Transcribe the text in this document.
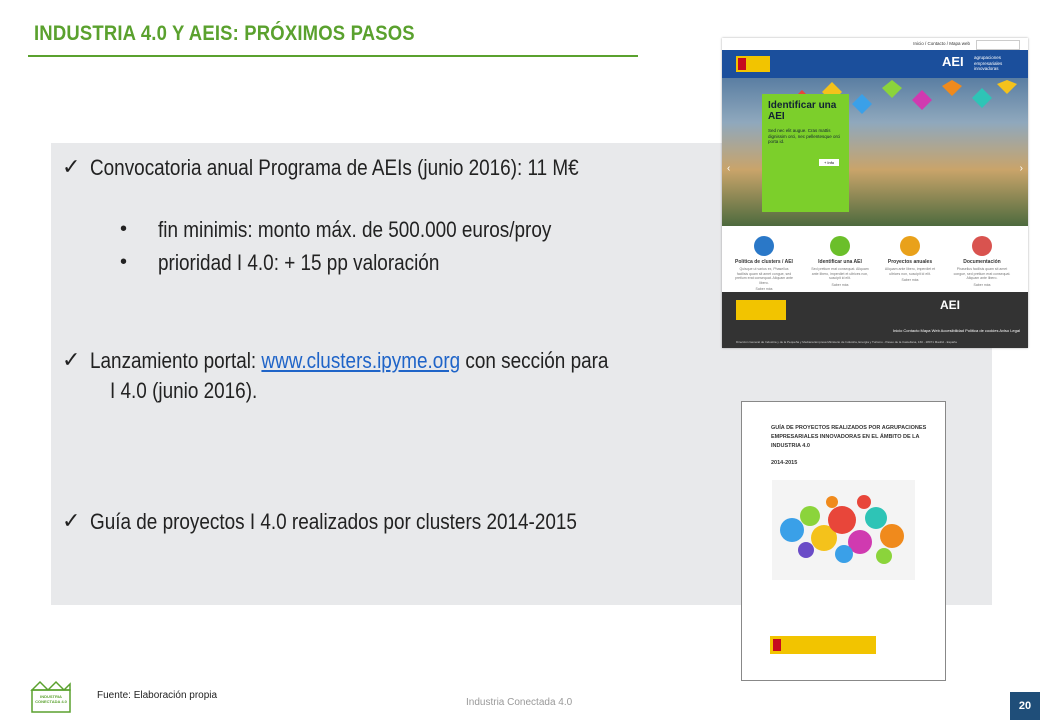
INDUSTRIA 4.0 Y AEIS: PRÓXIMOS PASOS
✓ Convocatoria anual Programa de AEIs (junio 2016): 11 M€
• fin minimis: monto máx. de 500.000 euros/proy
• prioridad I 4.0: + 15 pp valoración
✓ Lanzamiento portal: www.clusters.ipyme.org con sección para
I 4.0 (junio 2016).
✓ Guía de proyectos I 4.0 realizados por clusters 2014-2015
Inicio / Contacto / Mapa web
AEI agrupaciones empresariales innovadoras
Identificar una AEI
Sed nec elit augue. Cras mattis dignissim orci, nec pellentesque orci porta id.
+ Info
‹	›
Política de clusters / AEI
Quisque ut varius ex, Phasellus facilisis quam sit amet congue, sed pretium erat consequat. Aliquam ante libero.
Saber más
Identificar una AEI
Sed pretium erat consequat. Aliquam ante libero, imperdiet et ultrices non, suscipit id elit.
Saber más
Proyectos anuales
Aliquam ante libero, imperdiet et ultrices non, suscipit id elit.
Saber más
Documentación
Phasellus facilisis quam sit amet congue, sed pretium erat consequat. Aliquam ante libero.
Saber más
AEI
Inicio Contacto Mapa Web Accesibilidad Política de cookies Aviso Legal
Dirección General de Industria y de la Pequeña y Mediana Empresa Ministerio de Industria, Energía y Turismo - Paseo de la Castellana, 160 - 28071 Madrid - España
GUÍA DE PROYECTOS REALIZADOS POR AGRUPACIONES EMPRESARIALES INNOVADORAS EN EL ÁMBITO DE LA INDUSTRIA 4.0
2014-2015
INDUSTRIA CONECTADA 4.0
Fuente: Elaboración propia
Industria Conectada 4.0	20
